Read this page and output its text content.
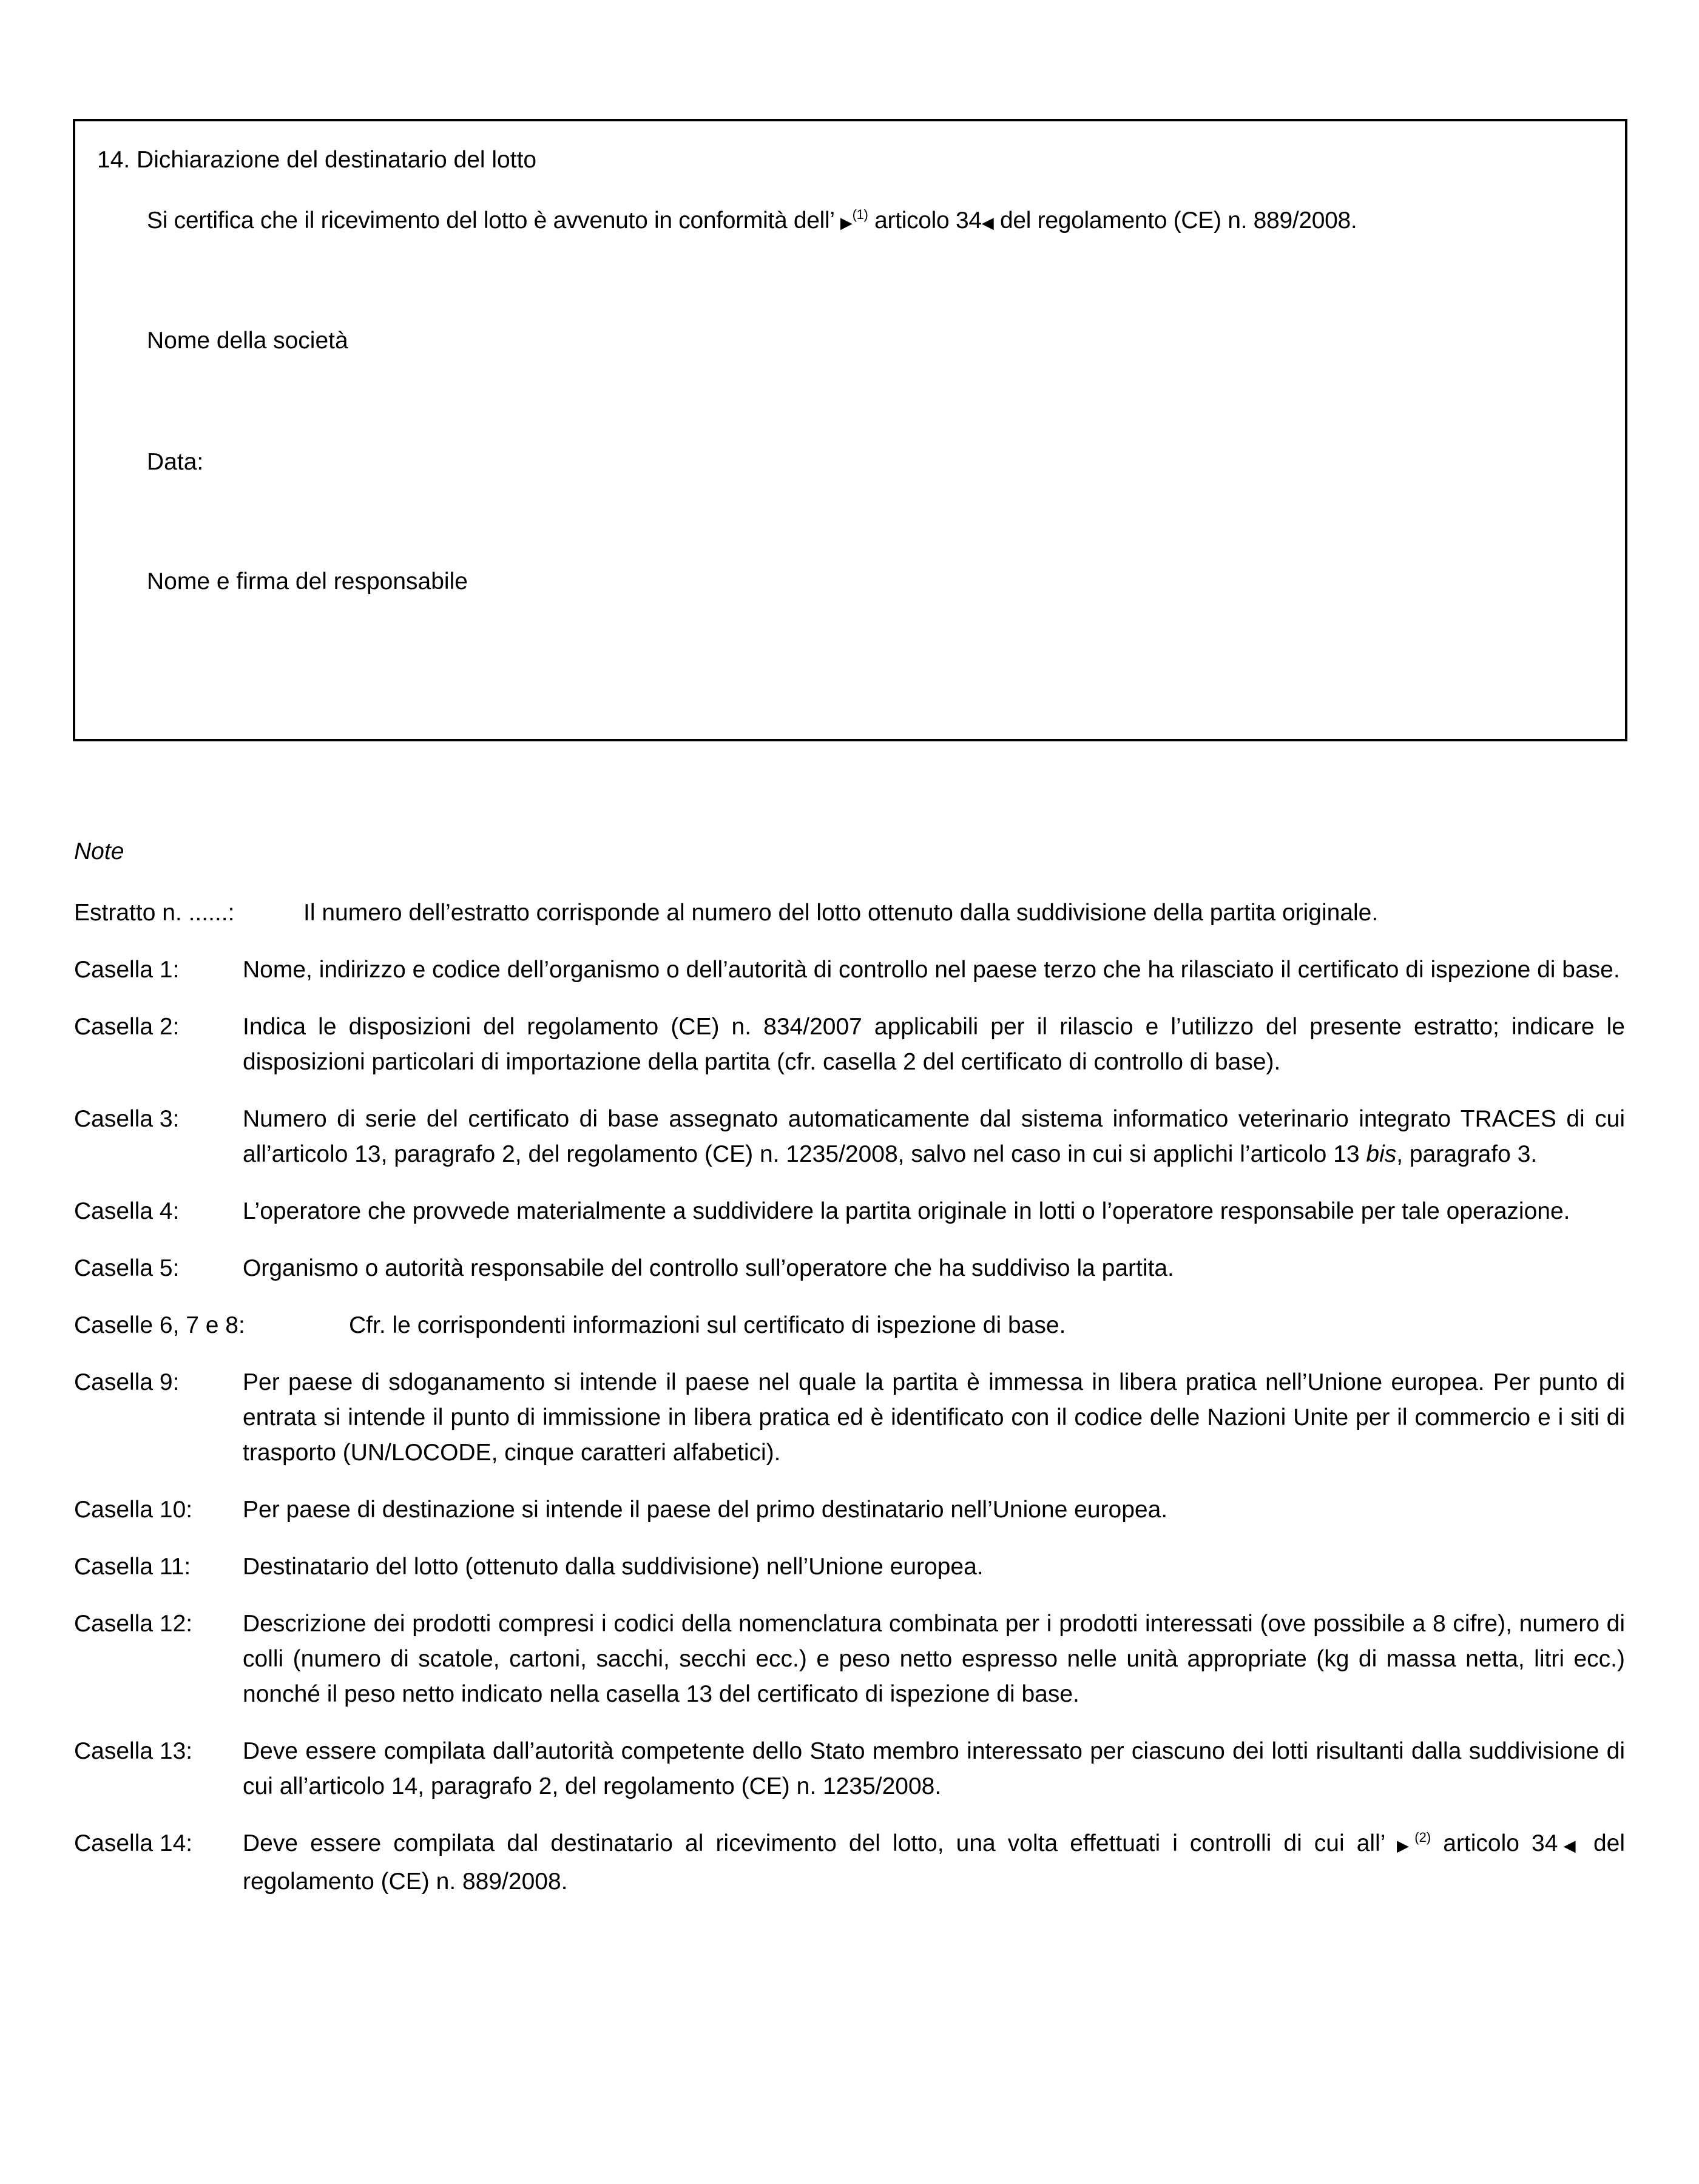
14. Dichiarazione del destinatario del lotto
Si certifica che il ricevimento del lotto è avvenuto in conformità dell’ ▶$^{(1)}$ articolo 34◀ del regolamento (CE) n. 889/2008.
Nome della società
Data:
Nome e firma del responsabile
Note
Estratto n. ......:	Il numero dell’estratto corrisponde al numero del lotto ottenuto dalla suddivisione della partita originale.
Casella 1:	Nome, indirizzo e codice dell’organismo o dell’autorità di controllo nel paese terzo che ha rilasciato il certificato di ispezione di base.
Casella 2:	Indica le disposizioni del regolamento (CE) n. 834/2007 applicabili per il rilascio e l’utilizzo del presente estratto; indicare le disposizioni particolari di importazione della partita (cfr. casella 2 del certificato di controllo di base).
Casella 3:	Numero di serie del certificato di base assegnato automaticamente dal sistema informatico veterinario integrato TRACES di cui all’articolo 13, paragrafo 2, del regolamento (CE) n. 1235/2008, salvo nel caso in cui si applichi l’articolo 13 bis, paragrafo 3.
Casella 4:	L’operatore che provvede materialmente a suddividere la partita originale in lotti o l’operatore responsabile per tale operazione.
Casella 5:	Organismo o autorità responsabile del controllo sull’operatore che ha suddiviso la partita.
Caselle 6, 7 e 8:	Cfr. le corrispondenti informazioni sul certificato di ispezione di base.
Casella 9:	Per paese di sdoganamento si intende il paese nel quale la partita è immessa in libera pratica nell’Unione europea. Per punto di entrata si intende il punto di immissione in libera pratica ed è identificato con il codice delle Nazioni Unite per il commercio e i siti di trasporto (UN/LOCODE, cinque caratteri alfabetici).
Casella 10:	Per paese di destinazione si intende il paese del primo destinatario nell’Unione europea.
Casella 11:	Destinatario del lotto (ottenuto dalla suddivisione) nell’Unione europea.
Casella 12:	Descrizione dei prodotti compresi i codici della nomenclatura combinata per i prodotti interessati (ove possibile a 8 cifre), numero di colli (numero di scatole, cartoni, sacchi, secchi ecc.) e peso netto espresso nelle unità appropriate (kg di massa netta, litri ecc.) nonché il peso netto indicato nella casella 13 del certificato di ispezione di base.
Casella 13:	Deve essere compilata dall’autorità competente dello Stato membro interessato per ciascuno dei lotti risultanti dalla suddivisione di cui all’articolo 14, paragrafo 2, del regolamento (CE) n. 1235/2008.
Casella 14:	Deve essere compilata dal destinatario al ricevimento del lotto, una volta effettuati i controlli di cui all’ ▶$^{(2)}$ articolo 34◀ del regolamento (CE) n. 889/2008.
